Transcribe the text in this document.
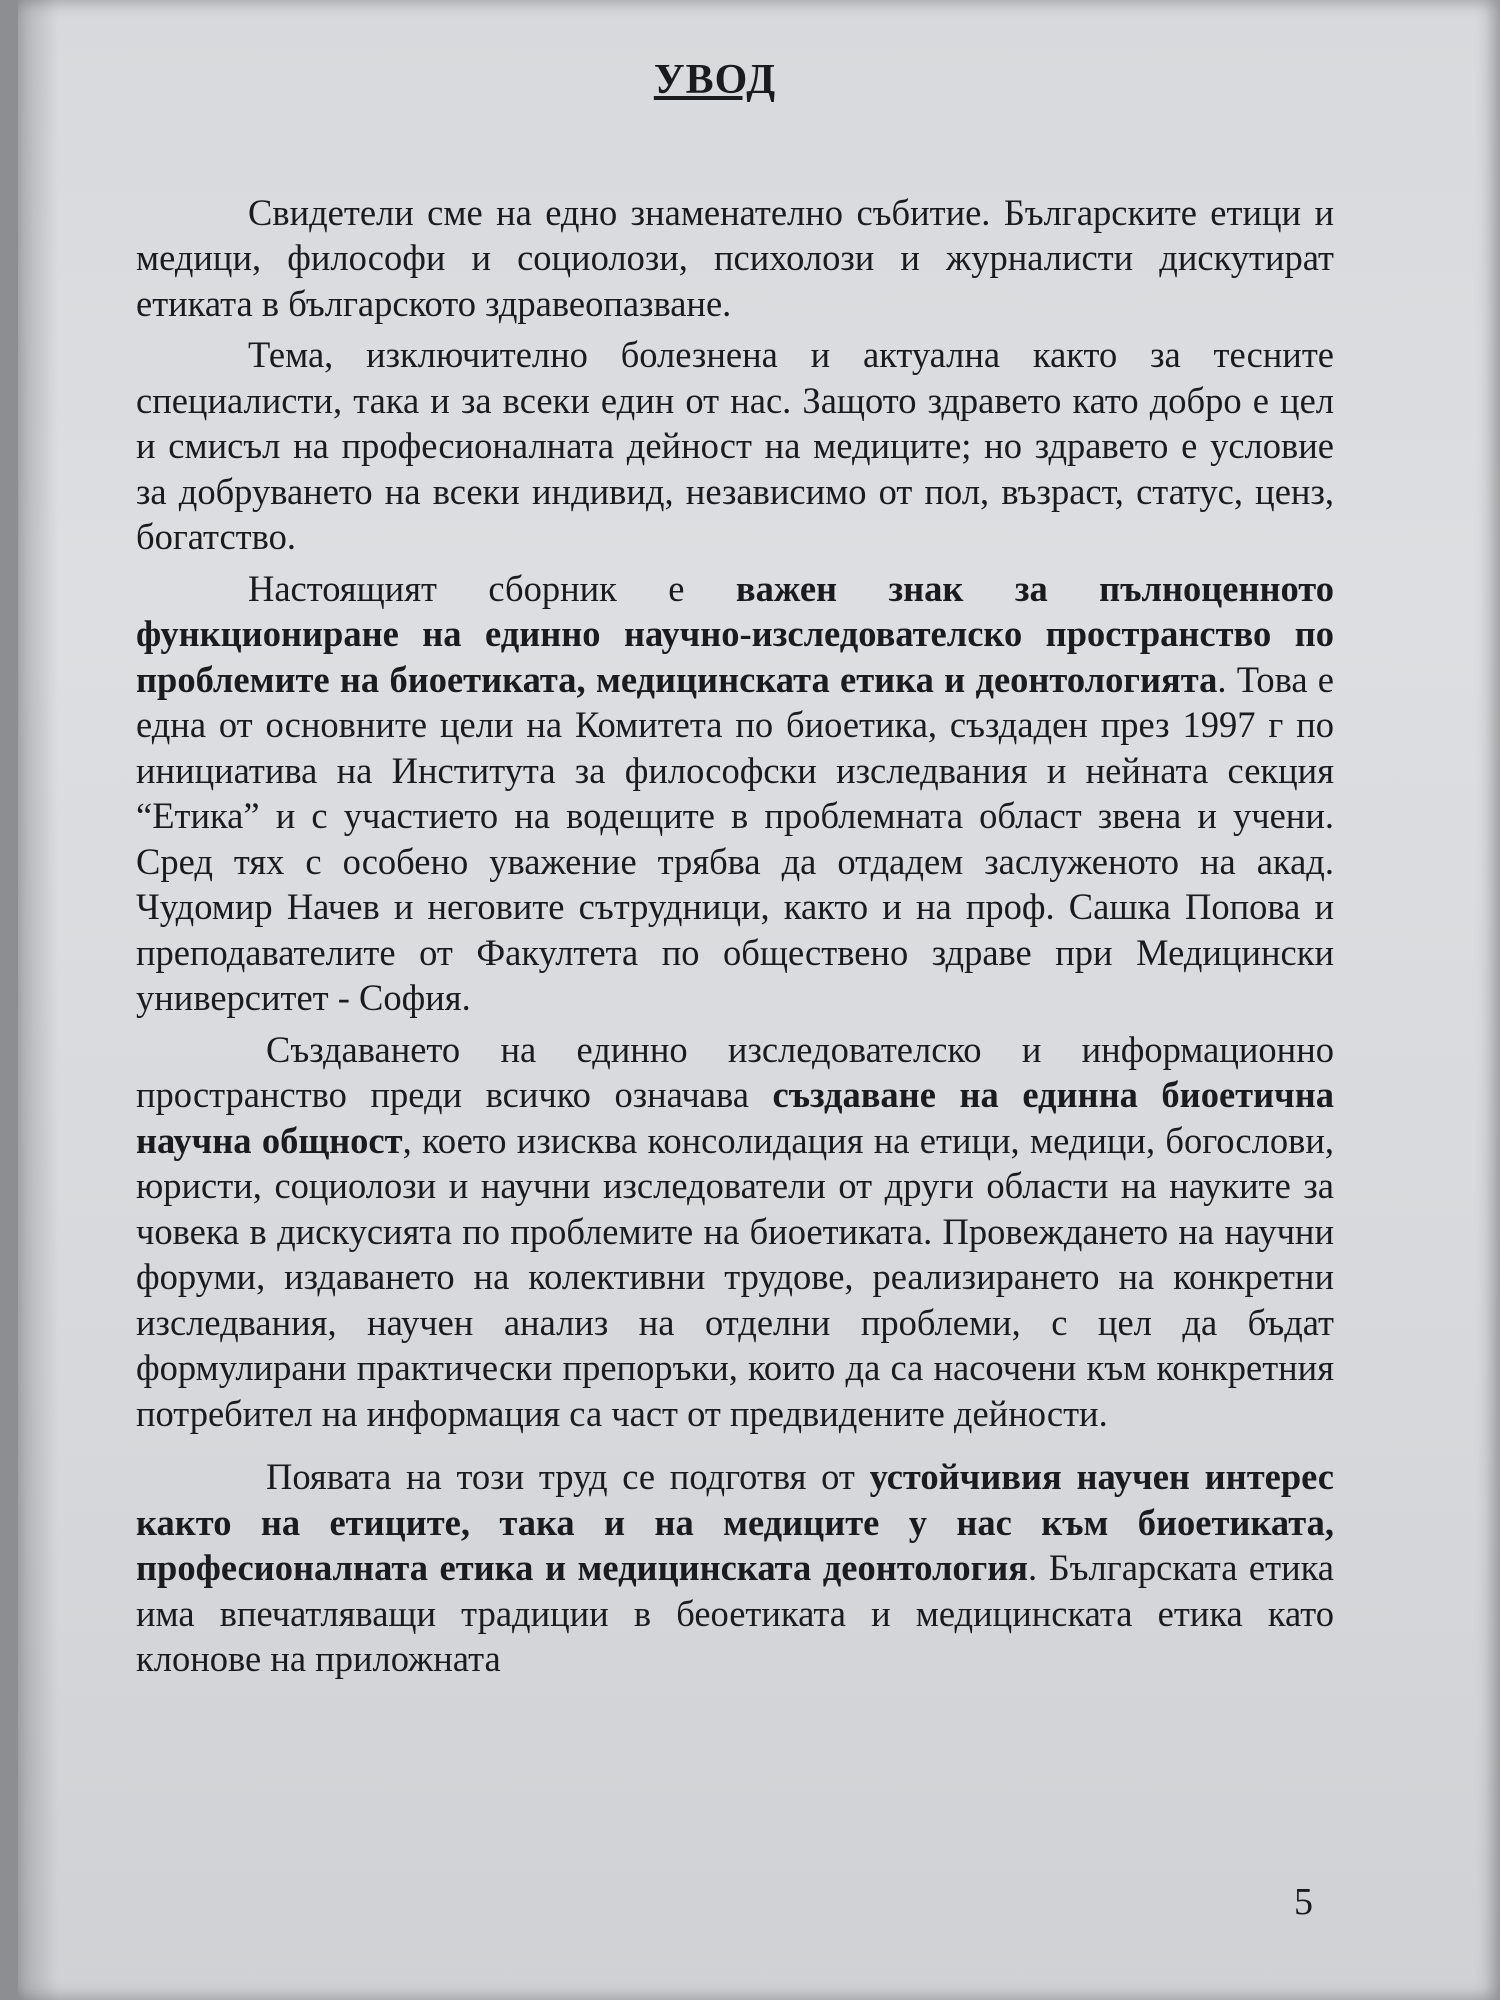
УВОД

Свидетели сме на едно знаменателно събитие. Българските етици и медици, философи и социолози, психолози и журналисти дискутират етиката в българското здравеопазване.

Тема, изключително болезнена и актуална както за тесните специалисти, така и за всеки един от нас. Защото здравето като добро е цел и смисъл на професионалната дейност на медиците; но здравето е условие за добруването на всеки индивид, независимо от пол, възраст, статус, ценз, богатство.

Настоящият сборник е важен знак за пълноценното функциониране на единно научно-изследователско пространство по проблемите на биоетиката, медицинската етика и деонтологията. Това е една от основните цели на Комитета по биоетика, създаден през 1997 г по инициатива на Института за философски изследвания и нейната секция “Етика” и с участието на водещите в проблемната област звена и учени. Сред тях с особено уважение трябва да отдадем заслуженото на акад. Чудомир Начев и неговите сътрудници, както и на проф. Сашка Попова и преподавателите от Факултета по обществено здраве при Медицински университет - София.

Създаването на единно изследователско и информационно пространство преди всичко означава създаване на единна биоетична научна общност, което изисква консолидация на етици, медици, богослови, юристи, социолози и научни изследователи от други области на науките за човека в дискусията по проблемите на биоетиката. Провеждането на научни форуми, издаването на колективни трудове, реализирането на конкретни изследвания, научен анализ на отделни проблеми, с цел да бъдат формулирани практически препоръки, които да са насочени към конкретния потребител на информация са част от предвидените дейности.

Появата на този труд се подготвя от устойчивия научен интерес както на етиците, така и на медиците у нас към биоетиката, професионалната етика и медицинската деонтология. Българската етика има впечатляващи традиции в беоетиката и медицинската етика като клонове на приложната

5
